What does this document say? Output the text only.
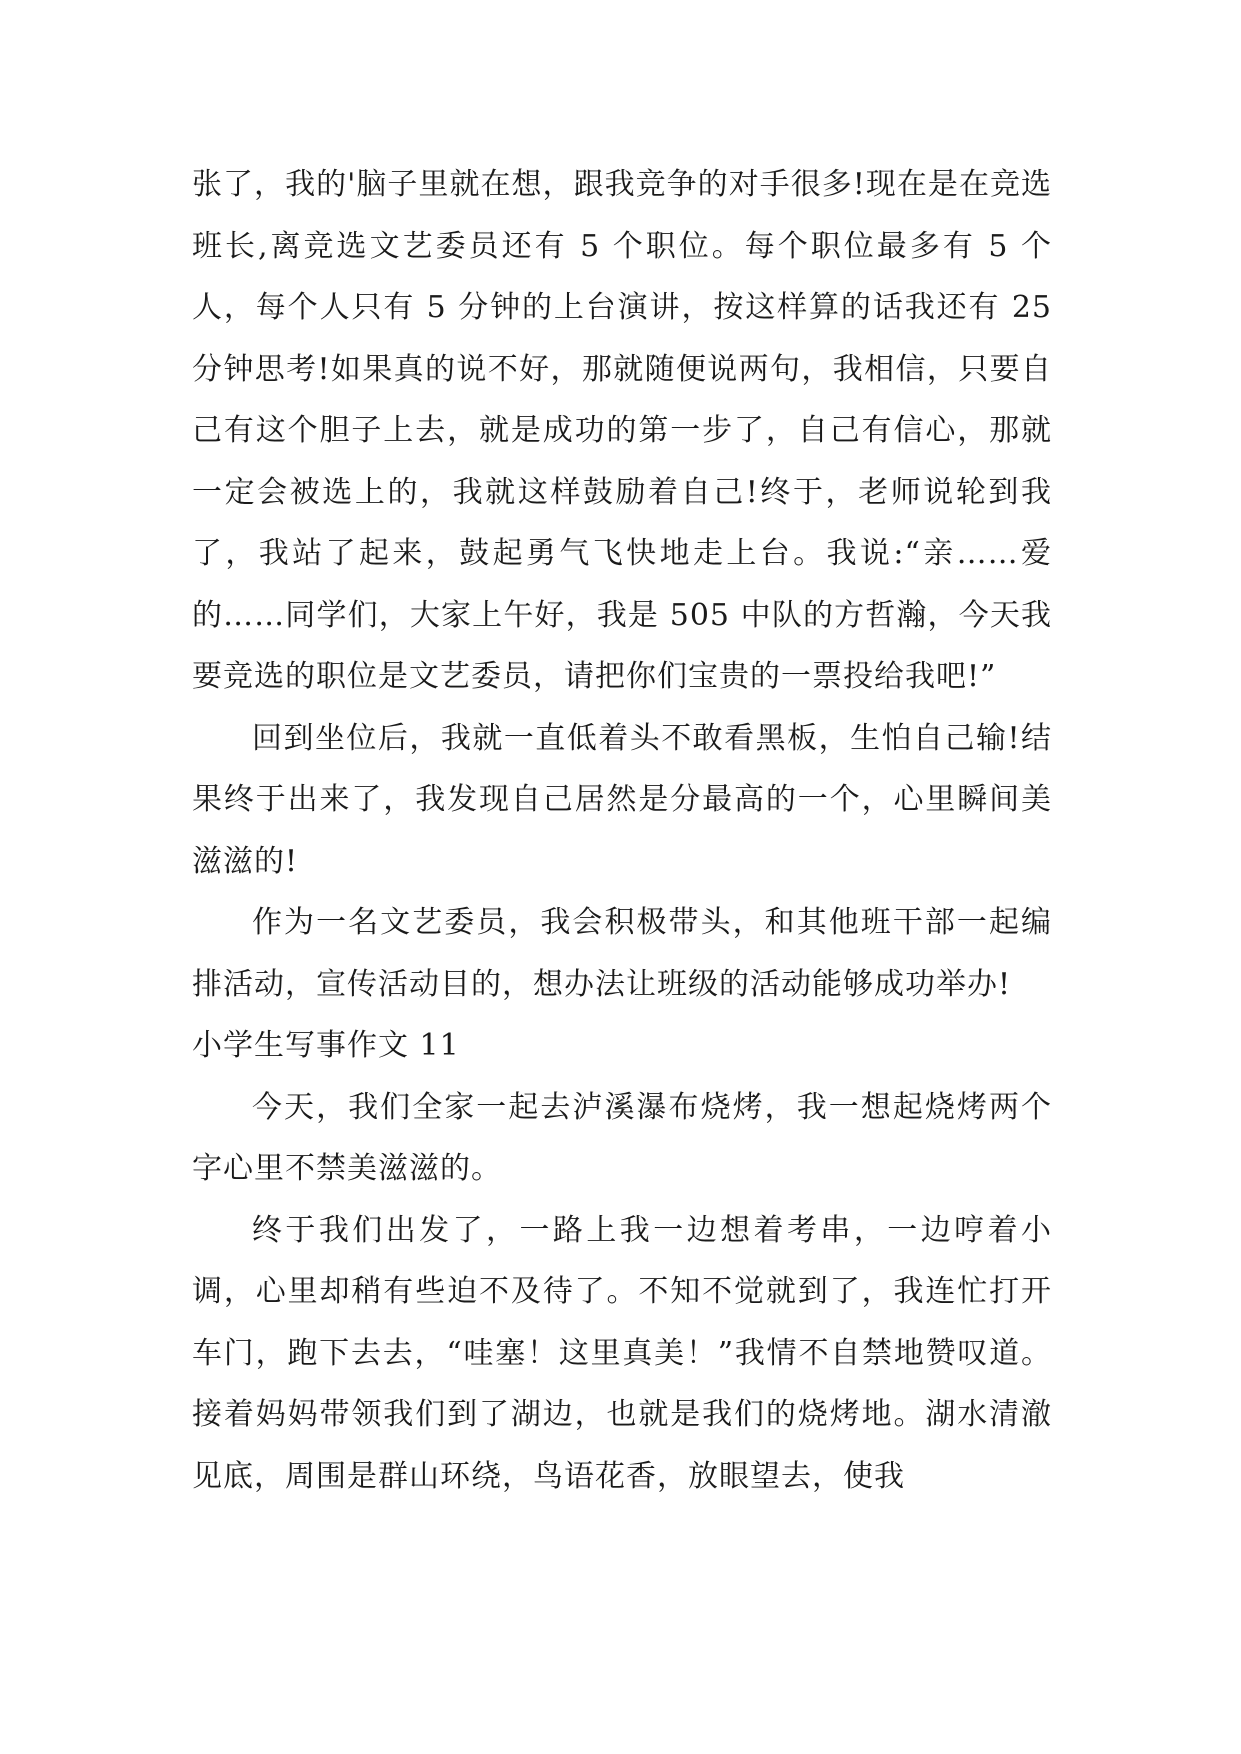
张了，我的'脑子里就在想，跟我竞争的对手很多!现在是在竞选班长,离竞选文艺委员还有 5 个职位。每个职位最多有 5 个人，每个人只有 5 分钟的上台演讲，按这样算的话我还有 25 分钟思考!如果真的说不好，那就随便说两句，我相信，只要自己有这个胆子上去，就是成功的第一步了，自己有信心，那就一定会被选上的，我就这样鼓励着自己!终于，老师说轮到我了，我站了起来，鼓起勇气飞快地走上台。我说:“亲……爱的……同学们，大家上午好，我是 505 中队的方哲瀚，今天我要竞选的职位是文艺委员，请把你们宝贵的一票投给我吧!”

回到坐位后，我就一直低着头不敢看黑板，生怕自己输!结果终于出来了，我发现自己居然是分最高的一个，心里瞬间美滋滋的!

作为一名文艺委员，我会积极带头，和其他班干部一起编排活动，宣传活动目的，想办法让班级的活动能够成功举办!

小学生写事作文 11

今天，我们全家一起去泸溪瀑布烧烤，我一想起烧烤两个字心里不禁美滋滋的。

终于我们出发了，一路上我一边想着考串，一边哼着小调，心里却稍有些迫不及待了。不知不觉就到了，我连忙打开车门，跑下去去，“哇塞！这里真美！”我情不自禁地赞叹道。接着妈妈带领我们到了湖边，也就是我们的烧烤地。湖水清澈见底，周围是群山环绕，鸟语花香，放眼望去，使我
